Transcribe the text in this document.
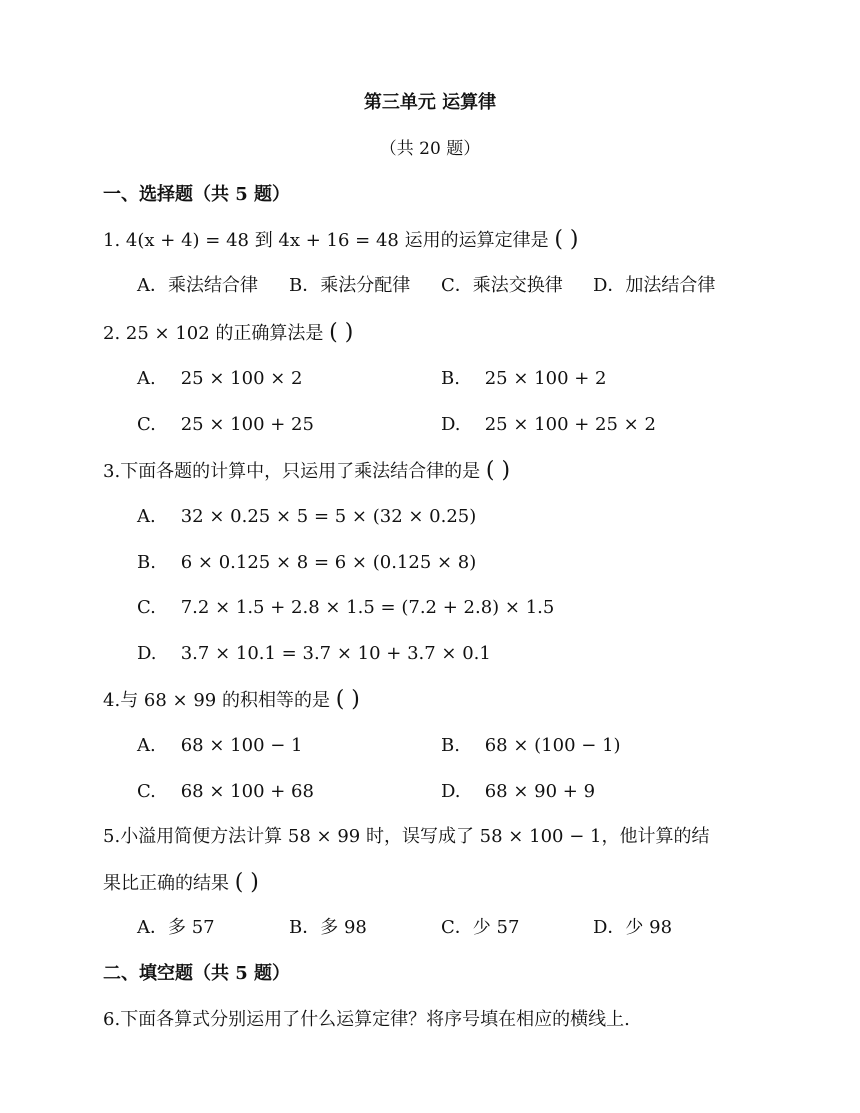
第三单元 运算律
（共 20 题）
一、选择题（共 5 题）
1. 4(x + 4) = 48 到 4x + 16 = 48 运用的运算定律是 ( )
A．乘法结合律 B．乘法分配律 C．乘法交换律 D．加法结合律
2. 25 × 102 的正确算法是 ( )
A. 25 × 100 × 2	B. 25 × 100 + 2
C. 25 × 100 + 25	D. 25 × 100 + 25 × 2
3.下面各题的计算中，只运用了乘法结合律的是 ( )
A. 32 × 0.25 × 5 = 5 × (32 × 0.25)
B. 6 × 0.125 × 8 = 6 × (0.125 × 8)
C. 7.2 × 1.5 + 2.8 × 1.5 = (7.2 + 2.8) × 1.5
D. 3.7 × 10.1 = 3.7 × 10 + 3.7 × 0.1
4.与 68 × 99 的积相等的是 ( )
A. 68 × 100 − 1	B. 68 × (100 − 1)
C. 68 × 100 + 68	D. 68 × 90 + 9
5.小溢用简便方法计算 58 × 99 时，误写成了 58 × 100 − 1，他计算的结
果比正确的结果 ( )
A．多 57	B．多 98	C．少 57	D．少 98
二、填空题（共 5 题）
6.下面各算式分别运用了什么运算定律？将序号填在相应的横线上.
